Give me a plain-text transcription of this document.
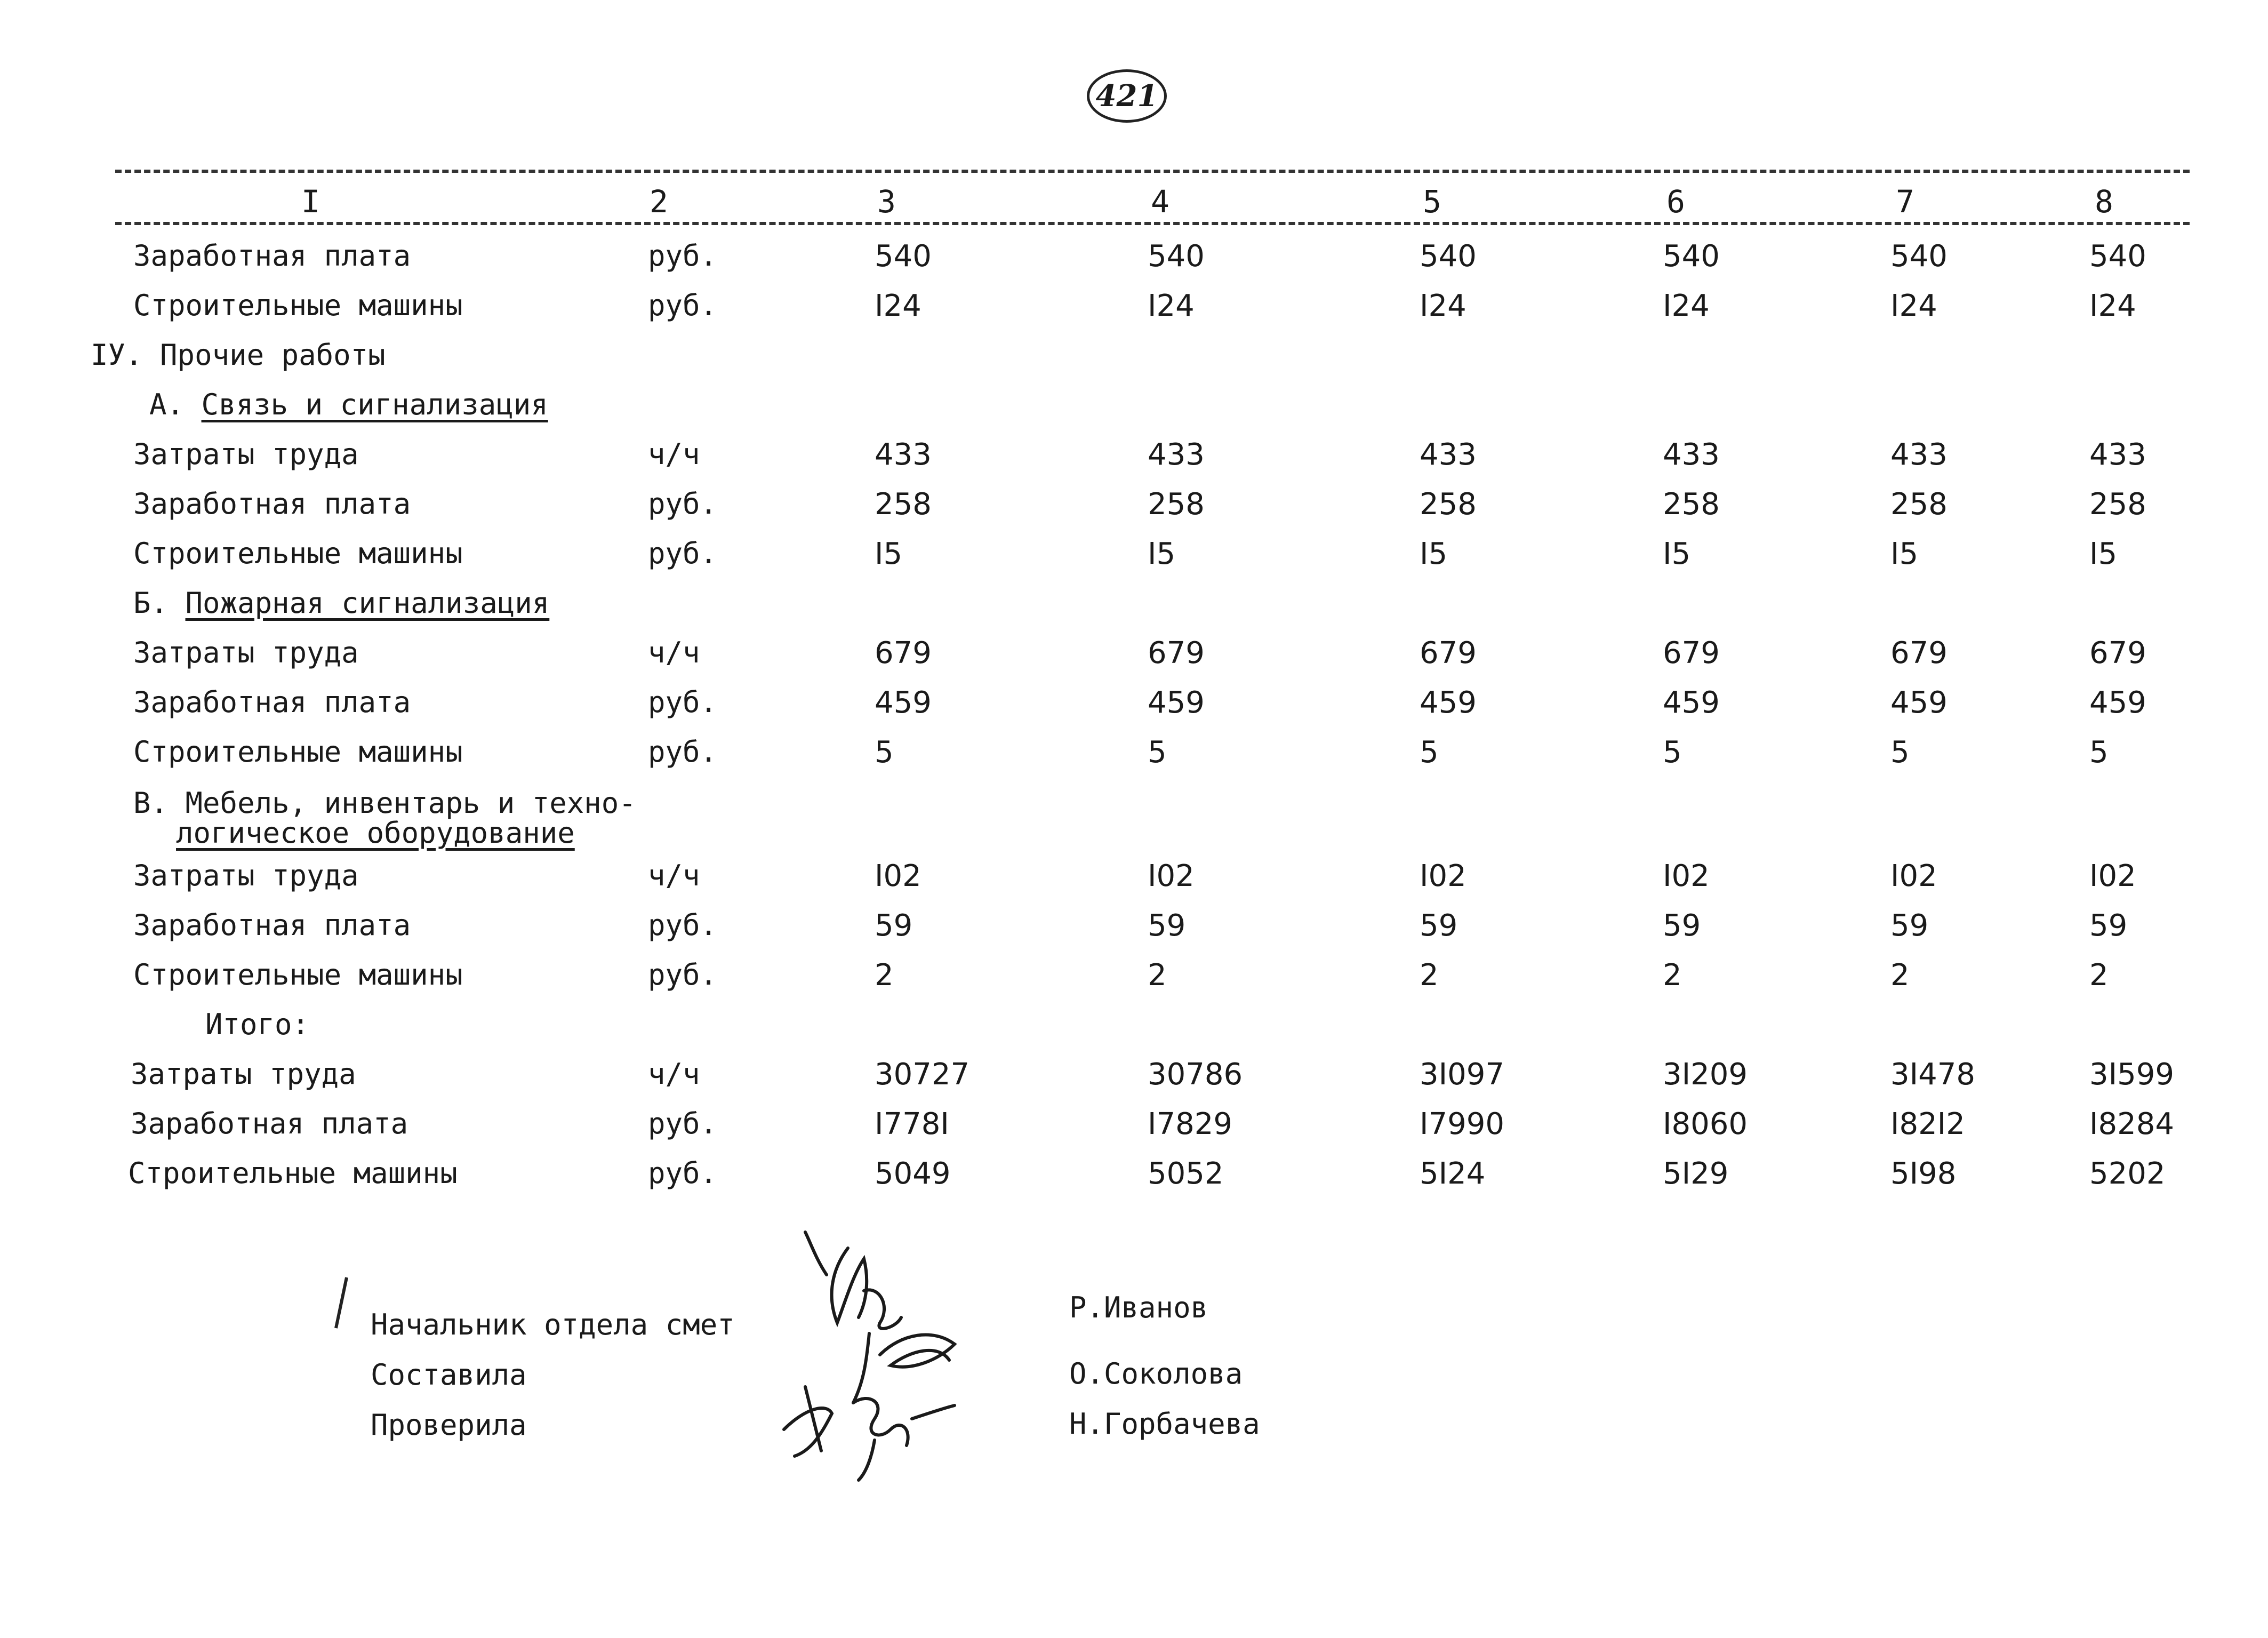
421
I	2	3	4	5	6	7	8
Заработная плата	руб.	540	540	540	540	540	540
Строительные машины	руб.	I24	I24	I24	I24	I24	I24
IУ. Прочие работы
А. Связь и сигнализация
Затраты труда	ч/ч	433	433	433	433	433	433
Заработная плата	руб.	258	258	258	258	258	258
Строительные машины	руб.	I5	I5	I5	I5	I5	I5
Б. Пожарная сигнализация
Затраты труда	ч/ч	679	679	679	679	679	679
Заработная плата	руб.	459	459	459	459	459	459
Строительные машины	руб.	5	5	5	5	5	5
В. Мебель, инвентарь и техно-
логическое оборудование
Затраты труда	ч/ч	I02	I02	I02	I02	I02	I02
Заработная плата	руб.	59	59	59	59	59	59
Строительные машины	руб.	2	2	2	2	2	2
Итого:
Затраты труда	ч/ч	30727	30786	3I097	3I209	3I478	3I599
Заработная плата	руб.	I778I	I7829	I7990	I8060	I82I2	I8284
Строительные машины	руб.	5049	5052	5I24	5I29	5I98	5202
Начальник отдела смет
Составила
Проверила
Р.Иванов
О.Соколова
Н.Горбачева
